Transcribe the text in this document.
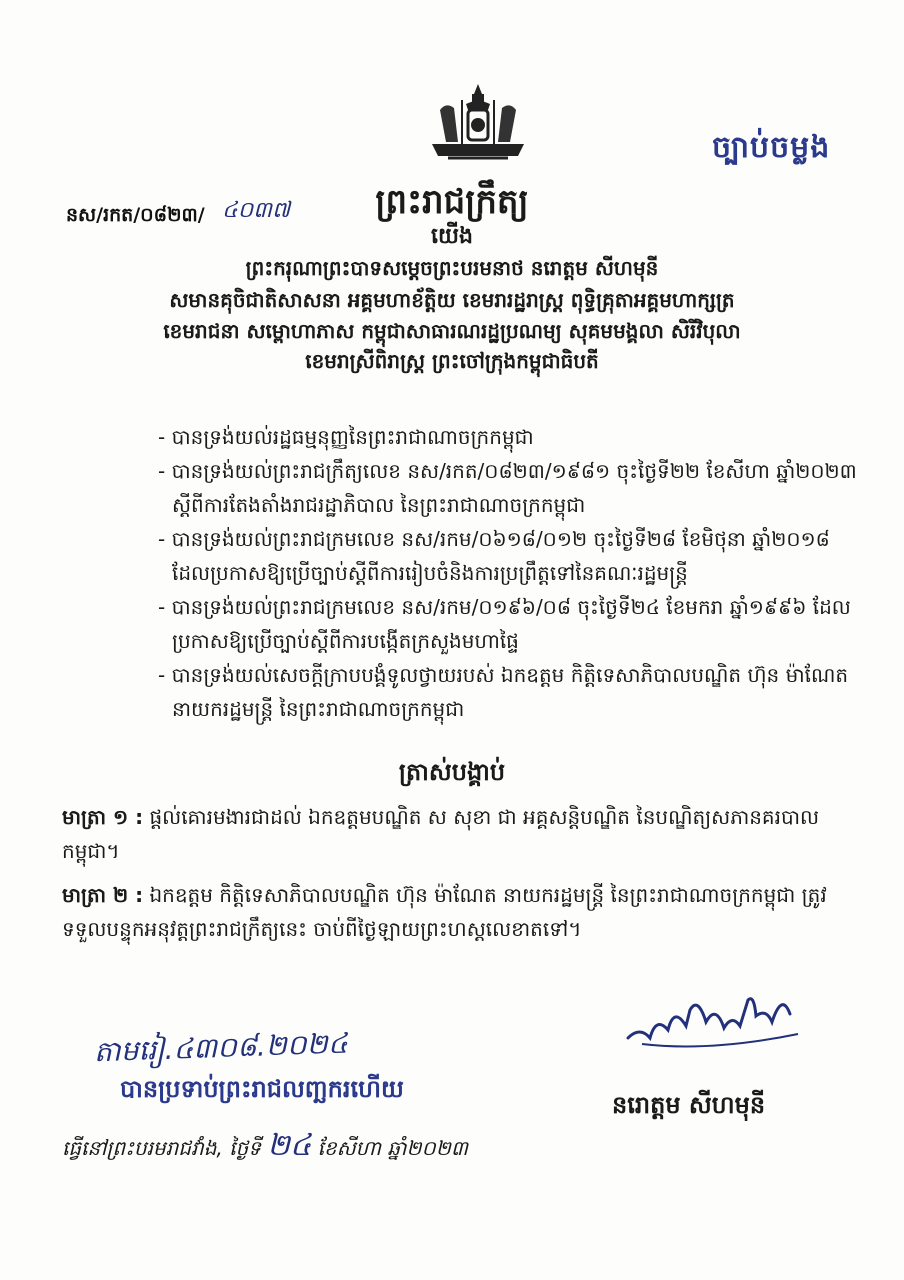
ច្បាប់ចម្លង
នស/រកត/០៨២៣/ ៤០៣៧	ព្រះរាជក្រឹត្យ
យើង
ព្រះករុណាព្រះបាទសម្តេចព្រះបរមនាថ នរោត្តម សីហមុនី
សមានគុចិជាតិសាសនា អគ្គមហាខ័ត្តិយ ខេមរារដ្ឋរាស្ត្រ ពុទ្ធិគ្រុតាអគ្គមហាក្សត្រ
ខេមរាជនា សម្ពោហាភាស កម្ពុជាសាធារណរដ្ឋប្រណម្យ សុគមមង្គលា សិរីវិបុលា
ខេមរាស្រីពិរាស្ត្រ ព្រះចៅក្រុងកម្ពុជាធិបតី

- បានទ្រង់យល់រដ្ឋធម្មនុញ្ញនៃព្រះរាជាណាចក្រកម្ពុជា

- បានទ្រង់យល់ព្រះរាជក្រឹត្យលេខ នស/រកត/០៨២៣/១៩៨១ ចុះថ្ងៃទី២២ ខែសីហា ឆ្នាំ២០២៣ ស្តីពីការតែងតាំងរាជរដ្ឋាភិបាល នៃព្រះរាជាណាចក្រកម្ពុជា

- បានទ្រង់យល់ព្រះរាជក្រមលេខ នស/រកម/០៦១៨/០១២ ចុះថ្ងៃទី២៨ ខែមិថុនា ឆ្នាំ២០១៨ ដែលប្រកាសឱ្យប្រើច្បាប់ស្តីពីការរៀបចំនិងការប្រព្រឹត្តទៅនៃគណៈរដ្ឋមន្ត្រី

- បានទ្រង់យល់ព្រះរាជក្រមលេខ នស/រកម/០១៩៦/០៨ ចុះថ្ងៃទី២៤ ខែមករា ឆ្នាំ១៩៩៦ ដែលប្រកាសឱ្យប្រើច្បាប់ស្តីពីការបង្កើតក្រសួងមហាផ្ទៃ

- បានទ្រង់យល់សេចក្តីក្រាបបង្គំទូលថ្វាយរបស់ ឯកឧត្តម កិត្តិទេសាភិបាលបណ្ឌិត ហ៊ុន ម៉ាណែត នាយករដ្ឋមន្ត្រី នៃព្រះរាជាណាចក្រកម្ពុជា

ត្រាស់បង្គាប់
មាត្រា ១ : ផ្តល់គោរមងារជាដល់ ឯកឧត្តមបណ្ឌិត ស សុខា ជា អគ្គសន្តិបណ្ឌិត នៃបណ្ឌិត្យសភានគរបាលកម្ពុជា។
មាត្រា ២ : ឯកឧត្តម កិត្តិទេសាភិបាលបណ្ឌិត ហ៊ុន ម៉ាណែត នាយករដ្ឋមន្ត្រី នៃព្រះរាជាណាចក្រកម្ពុជា ត្រូវទទួលបន្ទុកអនុវត្តព្រះរាជក្រឹត្យនេះ ចាប់ពីថ្ងៃឡាយព្រះហស្តលេខាតទៅ។
តាមរៀ.៤៣០៨.២០២៤
បានប្រទាប់ព្រះរាជលញ្ឆករហើយ
ធ្វើនៅព្រះបរមរាជវាំង, ថ្ងៃទី ២៤ ខែសីហា ឆ្នាំ២០២៣
នរោត្តម សីហមុនី
